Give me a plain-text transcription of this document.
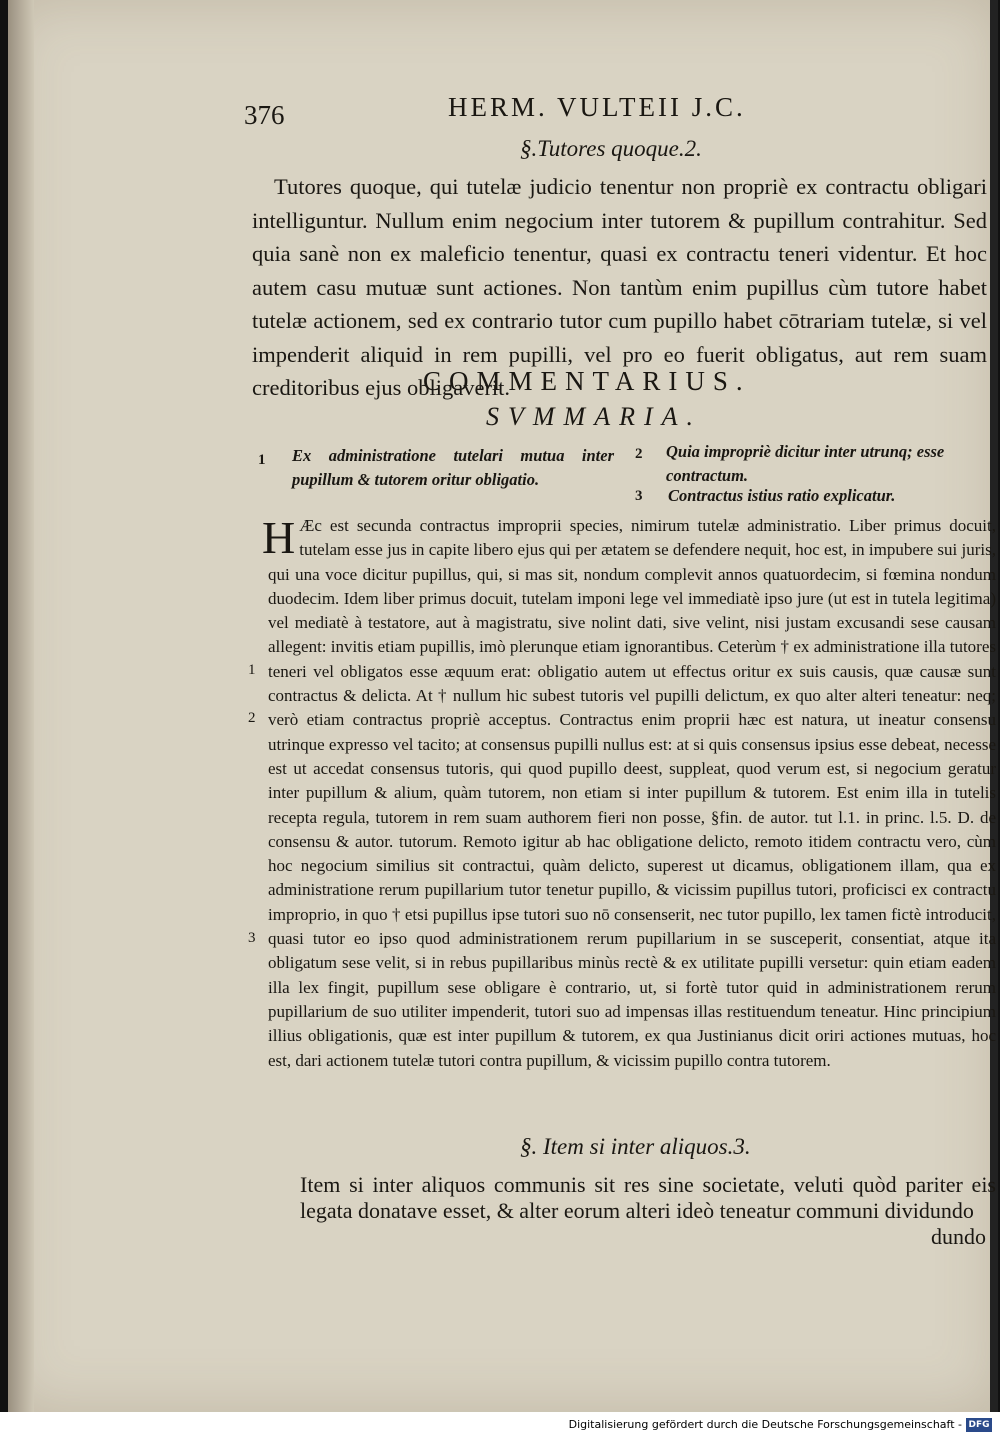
376	HERM. VULTEII J.C.
§.Tutores quoque.2.
Tutores quoque, qui tutelæ judicio tenentur non propriè ex contractu obligari intelliguntur. Nullum enim negocium inter tutorem & pupillum contrahitur. Sed quia sanè non ex maleficio tenentur, quasi ex contractu teneri videntur. Et hoc autem casu mutuæ sunt actiones. Non tantùm enim pupillus cùm tutore habet tutelæ actionem, sed ex contrario tutor cum pupillo habet cōtrariam tutelæ, si vel impenderit aliquid in rem pupilli, vel pro eo fuerit obligatus, aut rem suam creditoribus ejus obligaverit.
COMMENTARIUS.
SVMMARIA.
1 Ex administratione tutelari mutua inter pupillum & tutorem oritur obligatio.
2 Quia impropriè dicitur inter utrunq; esse contractum.
3 Contractus istius ratio explicatur.
1
2
3
H Æc est secunda contractus improprii species, nimirum tutelæ administratio. Liber primus docuit, tutelam esse jus in capite libero ejus qui per ætatem se defendere nequit, hoc est, in impubere sui juris, qui una voce dicitur pupillus, qui, si mas sit, nondum complevit annos quatuordecim, si fœmina nondum duodecim. Idem liber primus docuit, tutelam imponi lege vel immediatè ipso jure (ut est in tutela legitima) vel mediatè à testatore, aut à magistratu, sive nolint dati, sive velint, nisi justam excusandi sese causam allegent: invitis etiam pupillis, imò plerunque etiam ignorantibus. Ceterùm † ex administratione illa tutores teneri vel obligatos esse æquum erat: obligatio autem ut effectus oritur ex suis causis, quæ causæ sunt contractus & delicta. At † nullum hic subest tutoris vel pupilli delictum, ex quo alter alteri teneatur: neq; verò etiam contractus propriè acceptus. Contractus enim proprii hæc est natura, ut ineatur consensu utrinque expresso vel tacito; at consensus pupilli nullus est: at si quis consensus ipsius esse debeat, necesse est ut accedat consensus tutoris, qui quod pupillo deest, suppleat, quod verum est, si negocium geratur inter pupillum & alium, quàm tutorem, non etiam si inter pupillum & tutorem. Est enim illa in tutelis recepta regula, tutorem in rem suam authorem fieri non posse, §fin. de autor. tut l.1. in princ. l.5. D. de consensu & autor. tutorum. Remoto igitur ab hac obligatione delicto, remoto itidem contractu vero, cùm hoc negocium similius sit contractui, quàm delicto, superest ut dicamus, obligationem illam, qua ex administratione rerum pupillarium tutor tenetur pupillo, & vicissim pupillus tutori, proficisci ex contractu improprio, in quo † etsi pupillus ipse tutori suo nō consenserit, nec tutor pupillo, lex tamen fictè introducit, quasi tutor eo ipso quod administrationem rerum pupillarium in se susceperit, consentiat, atque ita obligatum sese velit, si in rebus pupillaribus minùs rectè & ex utilitate pupilli versetur: quin etiam eadem illa lex fingit, pupillum sese obligare è contrario, ut, si fortè tutor quid in administrationem rerum pupillarium de suo utiliter impenderit, tutori suo ad impensas illas restituendum teneatur. Hinc principium illius obligationis, quæ est inter pupillum & tutorem, ex qua Justinianus dicit oriri actiones mutuas, hoc est, dari actionem tutelæ tutori contra pupillum, & vicissim pupillo contra tutorem.
§. Item si inter aliquos.3.
Item si inter aliquos communis sit res sine societate, veluti quòd pariter eis legata donatave esset, & alter eorum alteri ideò teneatur communi dividundo
dundo
Digitalisierung gefördert durch die Deutsche Forschungsgemeinschaft - DFG
